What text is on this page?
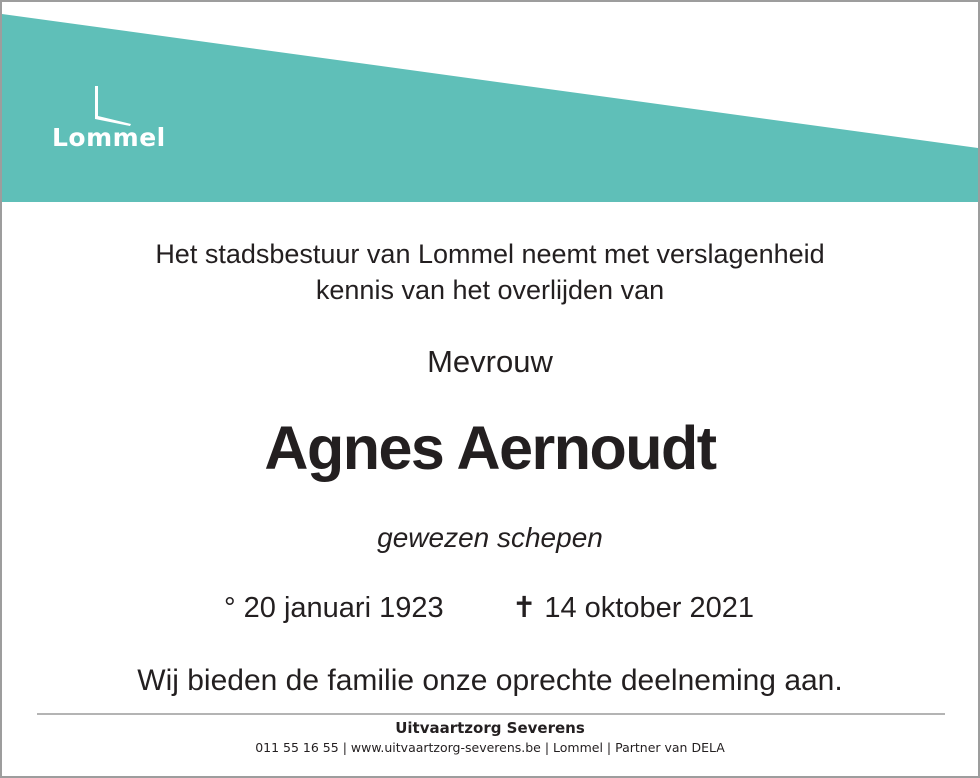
Lommel
Het stadsbestuur van Lommel neemt met verslagenheid
kennis van het overlijden van
Mevrouw
Agnes Aernoudt
gewezen schepen
° 20 januari 1923 ✝ 14 oktober 2021
Wij bieden de familie onze oprechte deelneming aan.
Uitvaartzorg Severens
011 55 16 55 | www.uitvaartzorg-severens.be | Lommel | Partner van DELA
